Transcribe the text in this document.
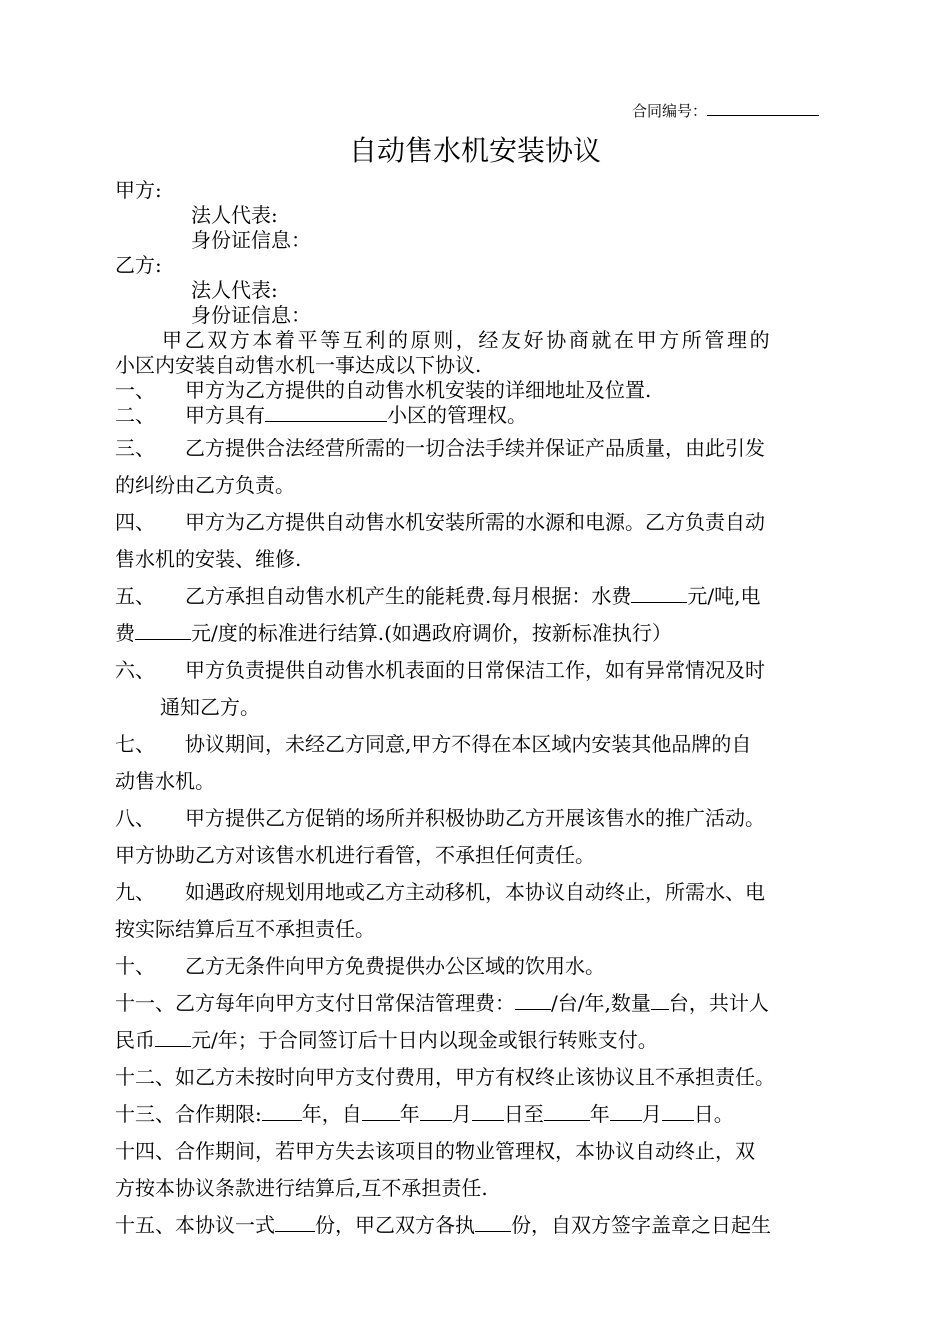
合同编号：
自动售水机安装协议
甲方:
法人代表:
身份证信息：
乙方:
法人代表:
身份证信息：
甲乙双方本着平等互利的原则，经友好协商就在甲方所管理的
小区内安装自动售水机一事达成以下协议.
一、 甲方为乙方提供的自动售水机安装的详细地址及位置.
二、 甲方具有	小区的管理权。
三、 乙方提供合法经营所需的一切合法手续并保证产品质量，由此引发
的纠纷由乙方负责。
四、 甲方为乙方提供自动售水机安装所需的水源和电源。乙方负责自动
售水机的安装、维修.
五、 乙方承担自动售水机产生的能耗费.每月根据：水费	元/吨,电
费	元/度的标准进行结算.(如遇政府调价，按新标准执行）
六、 甲方负责提供自动售水机表面的日常保洁工作，如有异常情况及时
通知乙方。
七、 协议期间，未经乙方同意,甲方不得在本区域内安装其他品牌的自
动售水机。
八、 甲方提供乙方促销的场所并积极协助乙方开展该售水的推广活动。
甲方协助乙方对该售水机进行看管，不承担任何责任。
九、 如遇政府规划用地或乙方主动移机，本协议自动终止，所需水、电
按实际结算后互不承担责任。
十、 乙方无条件向甲方免费提供办公区域的饮用水。
十一、乙方每年向甲方支付日常保洁管理费： /台/年,数量 台，共计人
民币 元/年；于合同签订后十日内以现金或银行转账支付。
十二、如乙方未按时向甲方支付费用，甲方有权终止该协议且不承担责任。
十三、合作期限: 年，自 年 月 日至 年 月 日。
十四、合作期间，若甲方失去该项目的物业管理权，本协议自动终止，双
方按本协议条款进行结算后,互不承担责任.
十五、本协议一式 份，甲乙双方各执 份，自双方签字盖章之日起生
